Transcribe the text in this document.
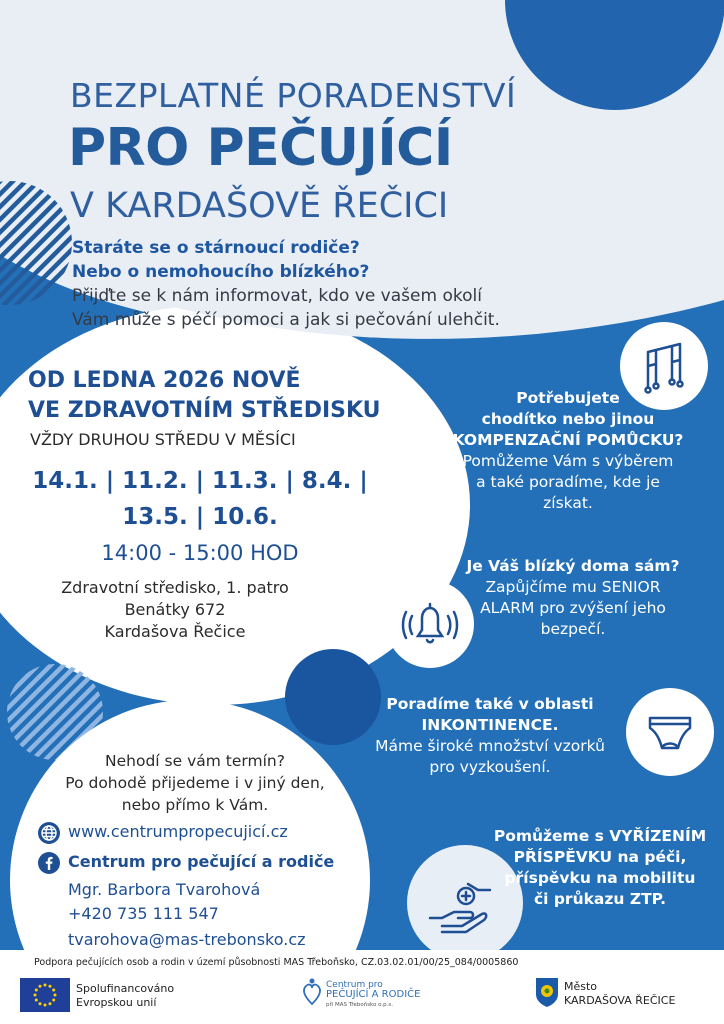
BEZPLATNÉ PORADENSTVÍ
PRO PEČUJÍCÍ
V KARDAŠOVĚ ŘEČICI
Staráte se o stárnoucí rodiče?
Nebo o nemohoucího blízkého?
Přijďte se k nám informovat, kdo ve vašem okolí
Vám může s péčí pomoci a jak si pečování ulehčit.
OD LEDNA 2026 NOVĚ
VE ZDRAVOTNÍM STŘEDISKU
VŽDY DRUHOU STŘEDU V MĚSÍCI
14.1. | 11.2. | 11.3. | 8.4. |
13.5. | 10.6.
14:00 - 15:00 HOD
Zdravotní středisko, 1. patro
Benátky 672
Kardašova Řečice
Potřebujete
chodítko nebo jinou
KOMPENZAČNÍ POMŮCKU?
Pomůžeme Vám s výběrem
a také poradíme, kde je
získat.
Je Váš blízký doma sám?
Zapůjčíme mu SENIOR
ALARM pro zvýšení jeho
bezpečí.
Poradíme také v oblasti
INKONTINENCE.
Máme široké množství vzorků
pro vyzkoušení.
Pomůžeme s VYŘÍZENÍM
PŘÍSPĚVKU na péči,
příspěvku na mobilitu
či průkazu ZTP.
Nehodí se vám termín?
Po dohodě přijedeme i v jiný den,
nebo přímo k Vám.
www.centrumpropecujicí.cz
Centrum pro pečující a rodiče
Mgr. Barbora Tvarohová
+420 735 111 547
tvarohova@mas-trebonsko.cz
Podpora pečujících osob a rodin v území působnosti MAS Třeboňsko, CZ.03.02.01/00/25_084/0005860
Spolufinancováno
Evropskou unií
Centrum pro
PEČUJÍCÍ A RODIČE
při MAS Třeboňsko o.p.s.
Město
KARDAŠOVA ŘEČICE
